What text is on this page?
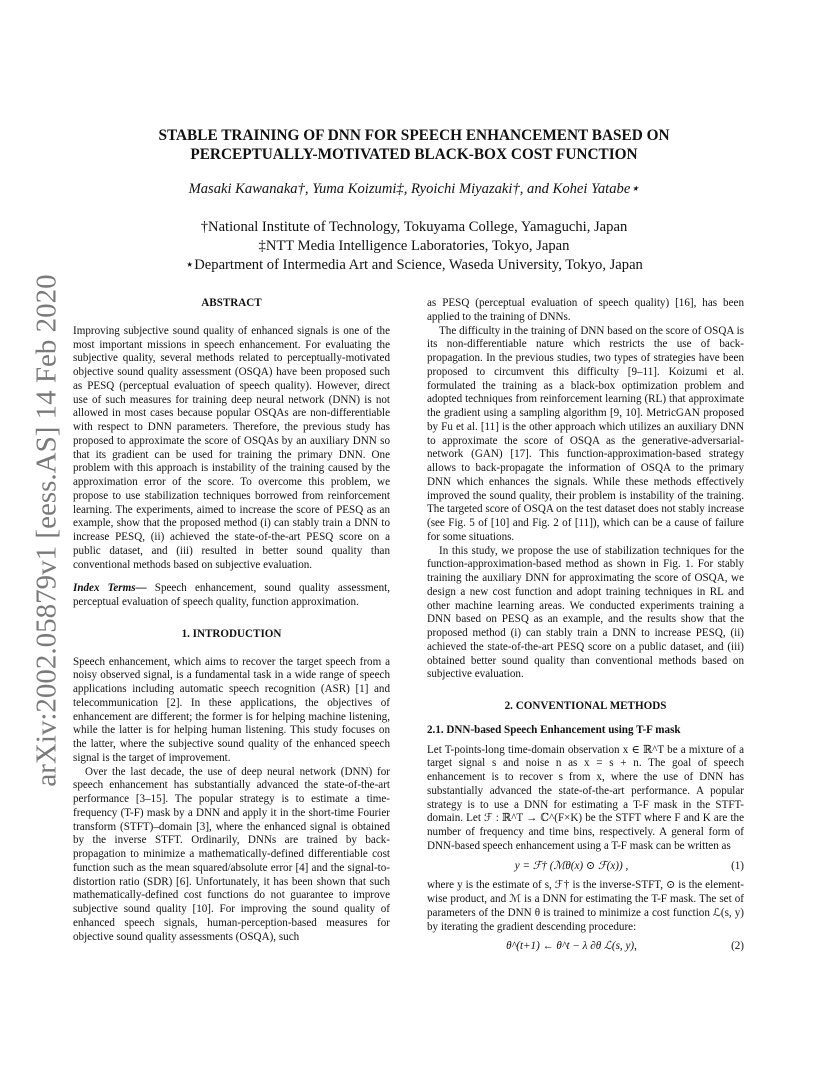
arXiv:2002.05879v1 [eess.AS] 14 Feb 2020
STABLE TRAINING OF DNN FOR SPEECH ENHANCEMENT BASED ON
PERCEPTUALLY-MOTIVATED BLACK-BOX COST FUNCTION
Masaki Kawanaka†, Yuma Koizumi‡, Ryoichi Miyazaki†, and Kohei Yatabe⋆
†National Institute of Technology, Tokuyama College, Yamaguchi, Japan
‡NTT Media Intelligence Laboratories, Tokyo, Japan
⋆Department of Intermedia Art and Science, Waseda University, Tokyo, Japan

ABSTRACT

Improving subjective sound quality of enhanced signals is one of the most important missions in speech enhancement. For evaluating the subjective quality, several methods related to perceptually-motivated objective sound quality assessment (OSQA) have been proposed such as PESQ (perceptual evaluation of speech quality). However, direct use of such measures for training deep neural network (DNN) is not allowed in most cases because popular OSQAs are non-differentiable with respect to DNN parameters. Therefore, the previous study has proposed to approximate the score of OSQAs by an auxiliary DNN so that its gradient can be used for training the primary DNN. One problem with this approach is instability of the training caused by the approximation error of the score. To overcome this problem, we propose to use stabilization techniques borrowed from reinforcement learning. The experiments, aimed to increase the score of PESQ as an example, show that the proposed method (i) can stably train a DNN to increase PESQ, (ii) achieved the state-of-the-art PESQ score on a public dataset, and (iii) resulted in better sound quality than conventional methods based on subjective evaluation.

Index Terms— Speech enhancement, sound quality assessment, perceptual evaluation of speech quality, function approximation.

1. INTRODUCTION

Speech enhancement, which aims to recover the target speech from a noisy observed signal, is a fundamental task in a wide range of speech applications including automatic speech recognition (ASR) [1] and telecommunication [2]. In these applications, the objectives of enhancement are different; the former is for helping machine listening, while the latter is for helping human listening. This study focuses on the latter, where the subjective sound quality of the enhanced speech signal is the target of improvement.

Over the last decade, the use of deep neural network (DNN) for speech enhancement has substantially advanced the state-of-the-art performance [3–15]. The popular strategy is to estimate a time-frequency (T-F) mask by a DNN and apply it in the short-time Fourier transform (STFT)–domain [3], where the enhanced signal is obtained by the inverse STFT. Ordinarily, DNNs are trained by back-propagation to minimize a mathematically-defined differentiable cost function such as the mean squared/absolute error [4] and the signal-to-distortion ratio (SDR) [6]. Unfortunately, it has been shown that such mathematically-defined cost functions do not guarantee to improve subjective sound quality [10]. For improving the sound quality of enhanced speech signals, human-perception-based measures for objective sound quality assessments (OSQA), such

as PESQ (perceptual evaluation of speech quality) [16], has been applied to the training of DNNs.

The difficulty in the training of DNN based on the score of OSQA is its non-differentiable nature which restricts the use of back-propagation. In the previous studies, two types of strategies have been proposed to circumvent this difficulty [9–11]. Koizumi et al. formulated the training as a black-box optimization problem and adopted techniques from reinforcement learning (RL) that approximate the gradient using a sampling algorithm [9, 10]. MetricGAN proposed by Fu et al. [11] is the other approach which utilizes an auxiliary DNN to approximate the score of OSQA as the generative-adversarial-network (GAN) [17]. This function-approximation-based strategy allows to back-propagate the information of OSQA to the primary DNN which enhances the signals. While these methods effectively improved the sound quality, their problem is instability of the training. The targeted score of OSQA on the test dataset does not stably increase (see Fig. 5 of [10] and Fig. 2 of [11]), which can be a cause of failure for some situations.

In this study, we propose the use of stabilization techniques for the function-approximation-based method as shown in Fig. 1. For stably training the auxiliary DNN for approximating the score of OSQA, we design a new cost function and adopt training techniques in RL and other machine learning areas. We conducted experiments training a DNN based on PESQ as an example, and the results show that the proposed method (i) can stably train a DNN to increase PESQ, (ii) achieved the state-of-the-art PESQ score on a public dataset, and (iii) obtained better sound quality than conventional methods based on subjective evaluation.

2. CONVENTIONAL METHODS

2.1. DNN-based Speech Enhancement using T-F mask

Let T-points-long time-domain observation x ∈ ℝ^T be a mixture of a target signal s and noise n as x = s + n. The goal of speech enhancement is to recover s from x, where the use of DNN has substantially advanced the state-of-the-art performance. A popular strategy is to use a DNN for estimating a T-F mask in the STFT-domain. Let ℱ : ℝ^T → ℂ^(F×K) be the STFT where F and K are the number of frequency and time bins, respectively. A general form of DNN-based speech enhancement using a T-F mask can be written as

y = ℱ† (ℳθ(x) ⊙ ℱ(x)) ,	(1)

where y is the estimate of s, ℱ† is the inverse-STFT, ⊙ is the element-wise product, and ℳ is a DNN for estimating the T-F mask. The set of parameters of the DNN θ is trained to minimize a cost function ℒ(s, y) by iterating the gradient descending procedure:

θ^(t+1) ← θ^t − λ ∂θ ℒ(s, y),	(2)
